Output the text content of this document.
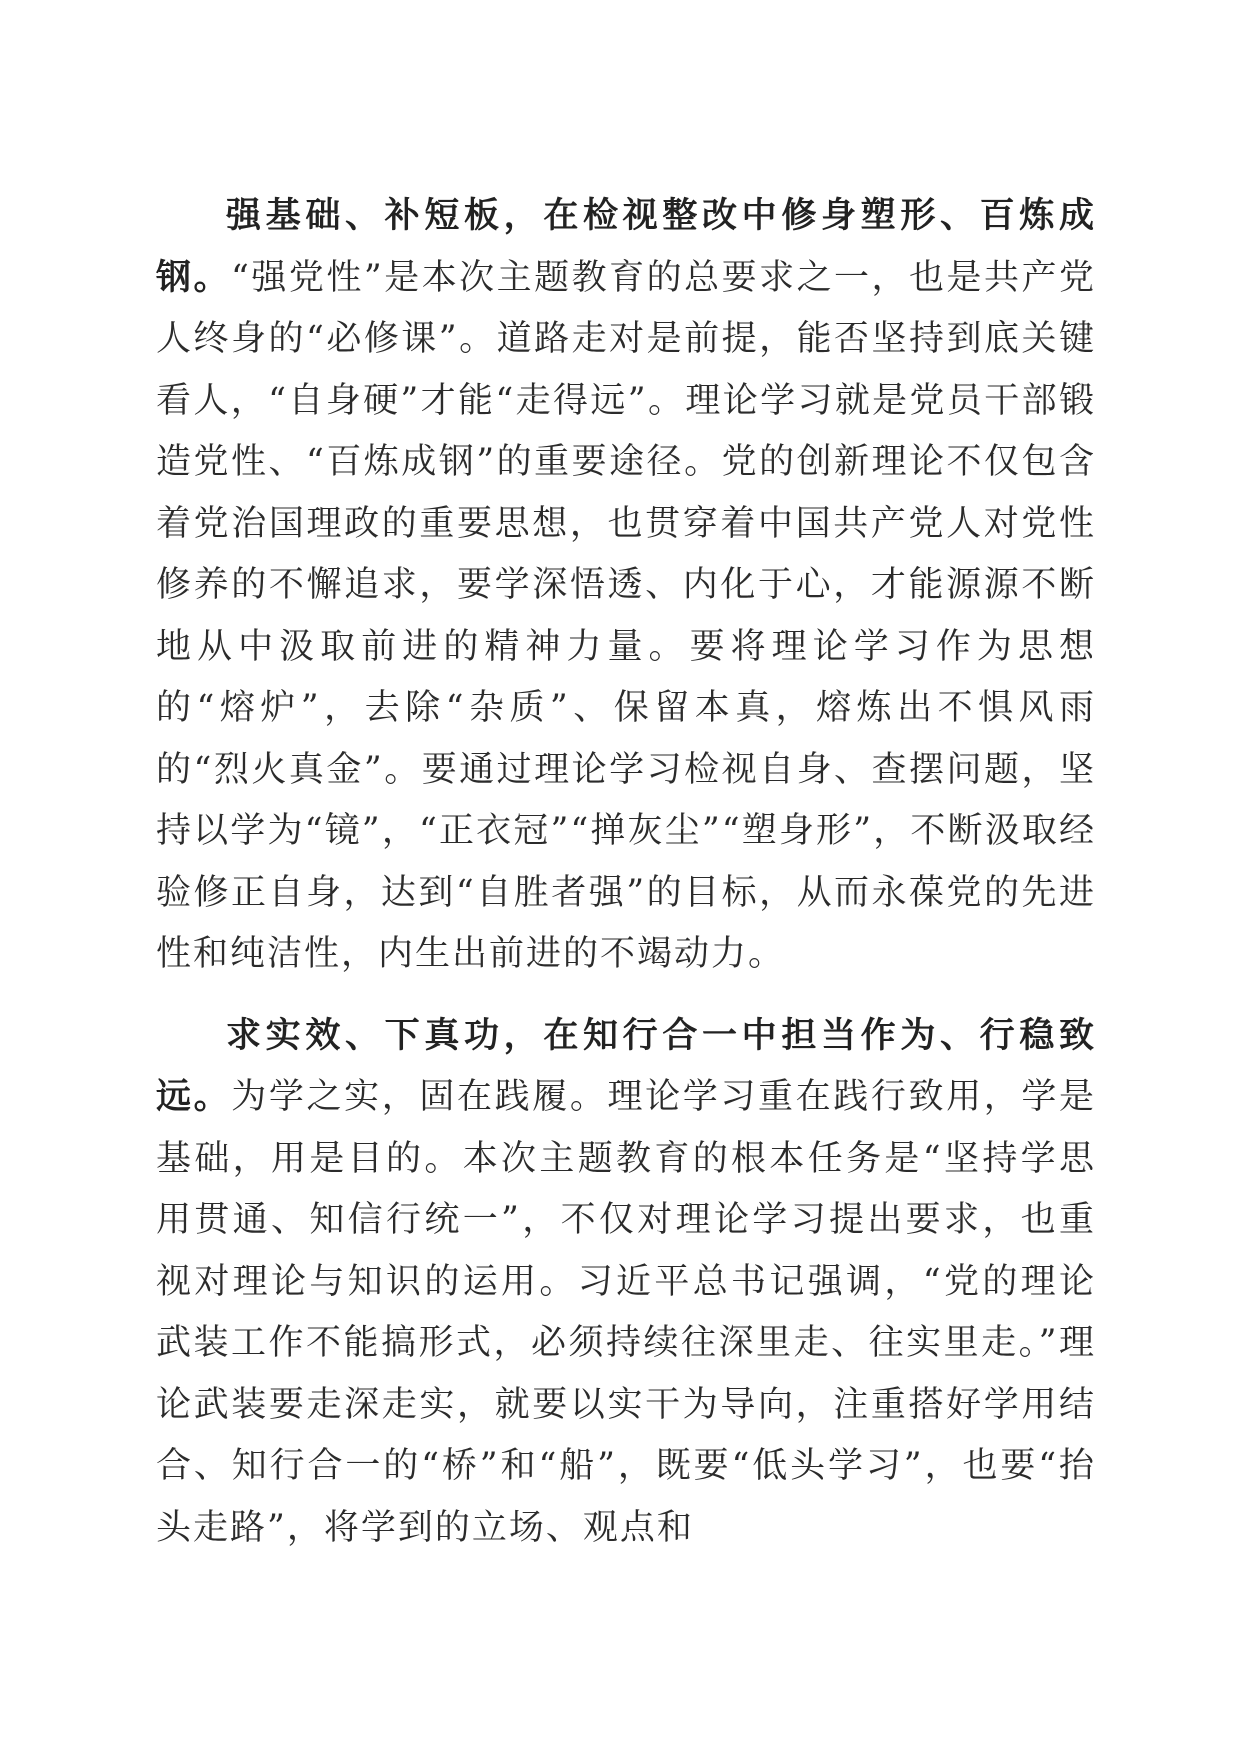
强基础、补短板，在检视整改中修身塑形、百炼成钢。“强党性”是本次主题教育的总要求之一，也是共产党人终身的“必修课”。道路走对是前提，能否坚持到底关键看人，“自身硬”才能“走得远”。理论学习就是党员干部锻造党性、“百炼成钢”的重要途径。党的创新理论不仅包含着党治国理政的重要思想，也贯穿着中国共产党人对党性修养的不懈追求，要学深悟透、内化于心，才能源源不断地从中汲取前进的精神力量。要将理论学习作为思想的“熔炉”，去除“杂质”、保留本真，熔炼出不惧风雨的“烈火真金”。要通过理论学习检视自身、查摆问题，坚持以学为“镜”，“正衣冠”“掸灰尘”“塑身形”，不断汲取经验修正自身，达到“自胜者强”的目标，从而永葆党的先进性和纯洁性，内生出前进的不竭动力。

求实效、下真功，在知行合一中担当作为、行稳致远。为学之实，固在践履。理论学习重在践行致用，学是基础，用是目的。本次主题教育的根本任务是“坚持学思用贯通、知信行统一”，不仅对理论学习提出要求，也重视对理论与知识的运用。习近平总书记强调，“党的理论武装工作不能搞形式，必须持续往深里走、往实里走。”理论武装要走深走实，就要以实干为导向，注重搭好学用结合、知行合一的“桥”和“船”，既要“低头学习”，也要“抬头走路”，将学到的立场、观点和
